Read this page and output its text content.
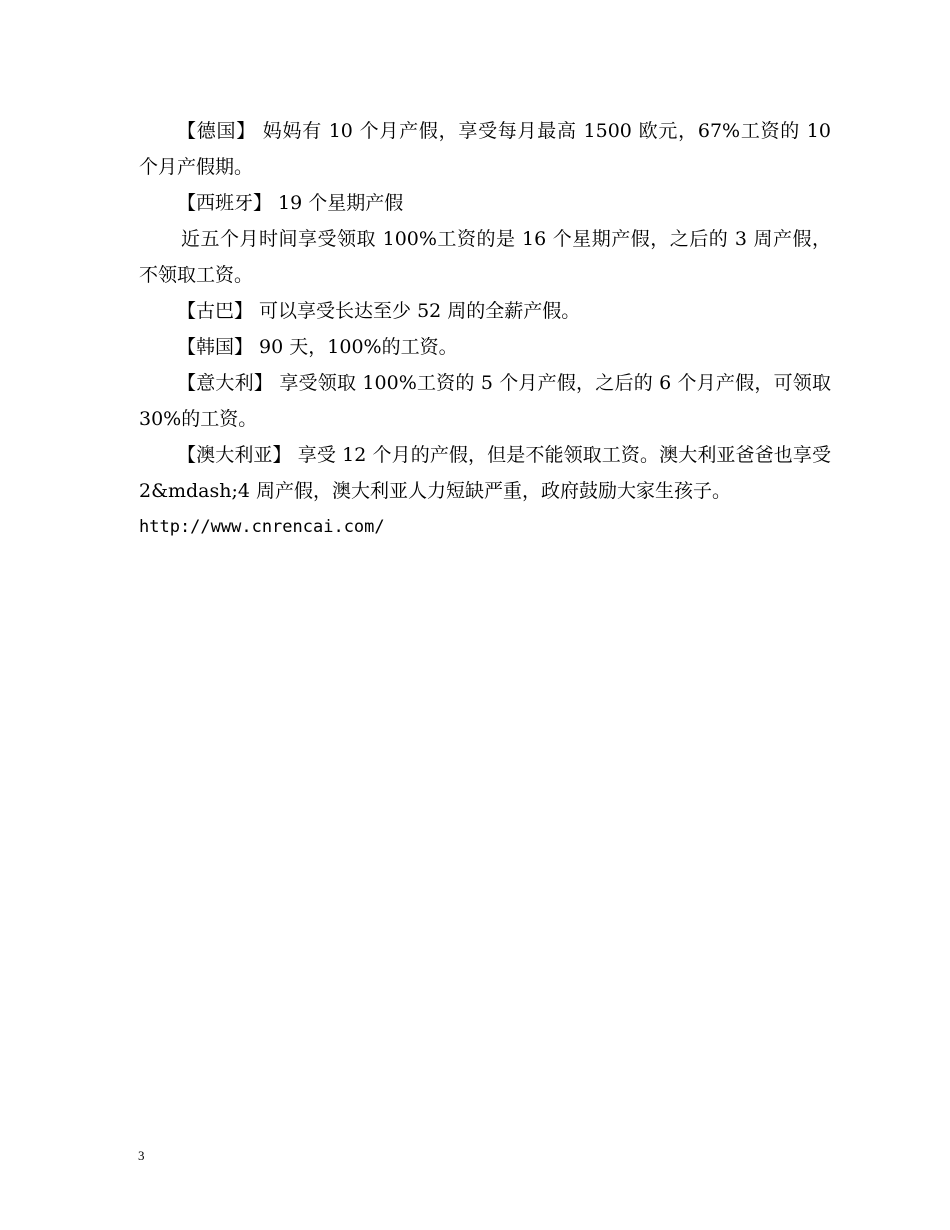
【德国】 妈妈有 10 个月产假，享受每月最高 1500 欧元，67%工资的 10 个月产假期。

【西班牙】 19 个星期产假

近五个月时间享受领取 100%工资的是 16 个星期产假，之后的 3 周产假，不领取工资。

【古巴】 可以享受长达至少 52 周的全薪产假。

【韩国】 90 天，100%的工资。

【意大利】 享受领取 100%工资的 5 个月产假，之后的 6 个月产假，可领取 30%的工资。

【澳大利亚】 享受 12 个月的产假，但是不能领取工资。澳大利亚爸爸也享受 2&mdash;4 周产假，澳大利亚人力短缺严重，政府鼓励大家生孩子。

http://www.cnrencai.com/

3
